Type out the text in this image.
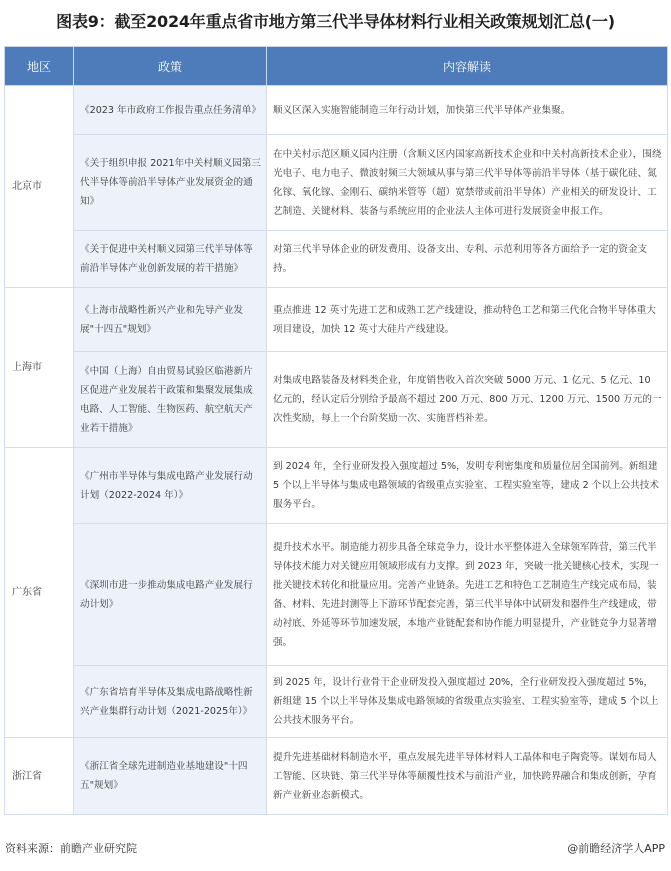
图表9：截至2024年重点省市地方第三代半导体材料行业相关政策规划汇总(一)
地区	政策	内容解读
北京市	《2023 年市政府工作报告重点任务清单》	顺义区深入实施智能制造三年行动计划，加快第三代半导体产业集聚。
	《关于组织申报 2021年中关村顺义园第三代半导体等前沿半导体产业发展资金的通知》	在中关村示范区顺义园内注册（含顺义区内国家高新技术企业和中关村高新技术企业），围绕光电子、电力电子、微波射频三大领域从事与第三代半导体等前沿半导体（基于碳化硅、氮化镓、氧化镓、金刚石、碳纳米管等（超）宽禁带或前沿半导体）产业相关的研发设计、工艺制造、关键材料、装备与系统应用的企业法人主体可进行发展资金申报工作。
	《关于促进中关村顺义园第三代半导体等前沿半导体产业创新发展的若干措施》	对第三代半导体企业的研发费用、设备支出、专利、示范利用等各方面给予一定的资金支持。
上海市	《上海市战略性新兴产业和先导产业发展"十四五"规划》	重点推进 12 英寸先进工艺和成熟工艺产线建设，推动特色工艺和第三代化合物半导体重大项目建设，加快 12 英寸大硅片产线建设。
	《中国（上海）自由贸易试验区临港新片区促进产业发展若干政策和集聚发展集成电路、人工智能、生物医药、航空航天产业若干措施》	对集成电路装备及材料类企业，年度销售收入首次突破 5000 万元、1 亿元、5 亿元、10 亿元的，经认定后分别给予最高不超过 200 万元、800 万元、1200 万元、1500 万元的一次性奖励，每上一个台阶奖励一次、实施晋档补差。
广东省	《广州市半导体与集成电路产业发展行动计划（2022-2024 年）》	到 2024 年，全行业研发投入强度超过 5%，发明专利密集度和质量位居全国前列。新组建 5 个以上半导体与集成电路领域的省级重点实验室、工程实验室等，建成 2 个以上公共技术服务平台。
	《深圳市进一步推动集成电路产业发展行动计划》	提升技术水平。制造能力初步具备全球竞争力，设计水平整体进入全球领军阵营，第三代半导体技术能力对关键应用领域形成有力支撑。到 2023 年，突破一批关键核心技术，实现一批关键技术转化和批量应用。完善产业链条。先进工艺和特色工艺制造生产线完成布局，装备、材料、先进封测等上下游环节配套完善，第三代半导体中试研发和器件生产线建成，带动衬底、外延等环节加速发展，本地产业链配套和协作能力明显提升，产业链竞争力显著增强。
	《广东省培育半导体及集成电路战略性新兴产业集群行动计划（2021-2025年）》	到 2025 年，设计行业骨干企业研发投入强度超过 20%，全行业研发投入强度超过 5%，新组建 15 个以上半导体及集成电路领域的省级重点实验室、工程实验室等，建成 5 个以上公共技术服务平台。
浙江省	《浙江省全球先进制造业基地建设"十四五"规划》	提升先进基础材料制造水平，重点发展先进半导体材料人工晶体和电子陶瓷等。谋划布局人工智能、区块链、第三代半导体等颠覆性技术与前沿产业，加快跨界融合和集成创新，孕育新产业新业态新模式。
资料来源：前瞻产业研究院	@前瞻经济学人APP
